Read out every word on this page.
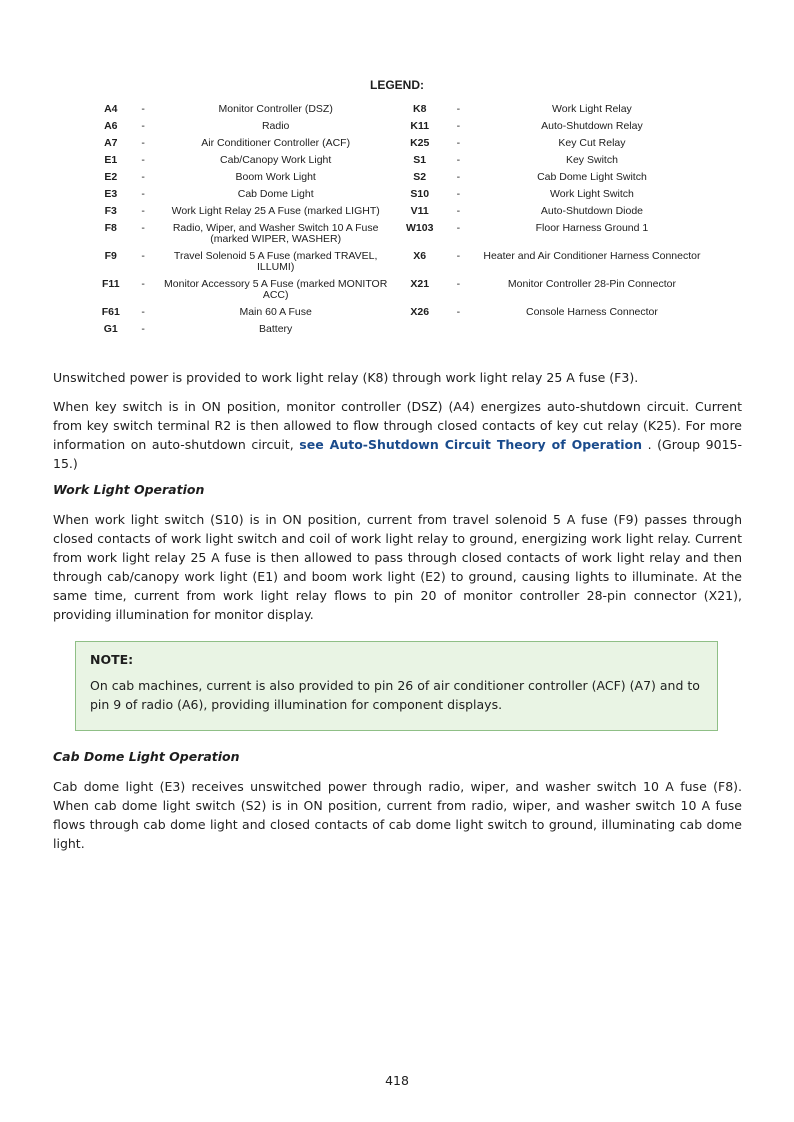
LEGEND:
A4	-	Monitor Controller (DSZ)	K8	-	Work Light Relay
A6	-	Radio	K11	-	Auto-Shutdown Relay
A7	-	Air Conditioner Controller (ACF)	K25	-	Key Cut Relay
E1	-	Cab/Canopy Work Light	S1	-	Key Switch
E2	-	Boom Work Light	S2	-	Cab Dome Light Switch
E3	-	Cab Dome Light	S10	-	Work Light Switch
F3	-	Work Light Relay 25 A Fuse (marked LIGHT)	V11	-	Auto-Shutdown Diode
F8	-	Radio, Wiper, and Washer Switch 10 A Fuse (marked WIPER, WASHER)	W103	-	Floor Harness Ground 1
F9	-	Travel Solenoid 5 A Fuse (marked TRAVEL, ILLUMI)	X6	-	Heater and Air Conditioner Harness Connector
F11	-	Monitor Accessory 5 A Fuse (marked MONITOR ACC)	X21	-	Monitor Controller 28-Pin Connector
F61	-	Main 60 A Fuse	X26	-	Console Harness Connector
G1	-	Battery			
Unswitched power is provided to work light relay (K8) through work light relay 25 A fuse (F3).
When key switch is in ON position, monitor controller (DSZ) (A4) energizes auto-shutdown circuit. Current from key switch terminal R2 is then allowed to flow through closed contacts of key cut relay (K25). For more information on auto-shutdown circuit, see Auto-Shutdown Circuit Theory of Operation . (Group 9015-15.)
Work Light Operation
When work light switch (S10) is in ON position, current from travel solenoid 5 A fuse (F9) passes through closed contacts of work light switch and coil of work light relay to ground, energizing work light relay. Current from work light relay 25 A fuse is then allowed to pass through closed contacts of work light relay and then through cab/canopy work light (E1) and boom work light (E2) to ground, causing lights to illuminate. At the same time, current from work light relay flows to pin 20 of monitor controller 28-pin connector (X21), providing illumination for monitor display.
NOTE:
On cab machines, current is also provided to pin 26 of air conditioner controller (ACF) (A7) and to pin 9 of radio (A6), providing illumination for component displays.
Cab Dome Light Operation
Cab dome light (E3) receives unswitched power through radio, wiper, and washer switch 10 A fuse (F8). When cab dome light switch (S2) is in ON position, current from radio, wiper, and washer switch 10 A fuse flows through cab dome light and closed contacts of cab dome light switch to ground, illuminating cab dome light.
418
